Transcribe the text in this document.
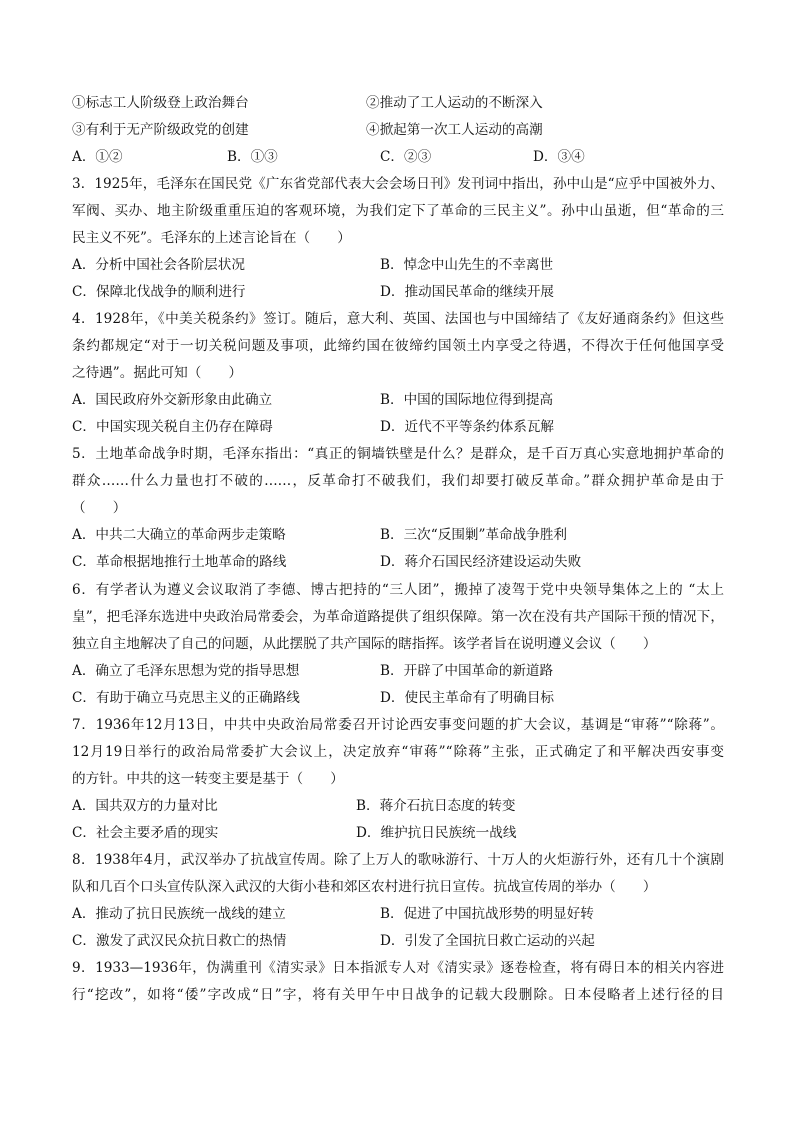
①标志工人阶级登上政治舞台	②推动了工人运动的不断深入
③有利于无产阶级政党的创建	④掀起第一次工人运动的高潮
A．①②	B．①③	C．②③	D．③④
3．1925年，毛泽东在国民党《广东省党部代表大会会场日刊》发刊词中指出，孙中山是“应乎中国被外力、
军阀、买办、地主阶级重重压迫的客观环境，为我们定下了革命的三民主义”。孙中山虽逝，但“革命的三
民主义不死”。毛泽东的上述言论旨在（　　）
A．分析中国社会各阶层状况	B．悼念中山先生的不幸离世
C．保障北伐战争的顺利进行	D．推动国民革命的继续开展
4．1928年，《中美关税条约》签订。随后，意大利、英国、法国也与中国缔结了《友好通商条约》但这些
条约都规定“对于一切关税问题及事项，此缔约国在彼缔约国领土内享受之待遇，不得次于任何他国享受
之待遇”。据此可知（　　）
A．国民政府外交新形象由此确立	B．中国的国际地位得到提高
C．中国实现关税自主仍存在障碍	D．近代不平等条约体系瓦解
5．土地革命战争时期，毛泽东指出：“真正的铜墙铁壁是什么？是群众，是千百万真心实意地拥护革命的
群众……什么力量也打不破的……，反革命打不破我们，我们却要打破反革命。”群众拥护革命是由于
（　　）
A．中共二大确立的革命两步走策略	B．三次“反围剿”革命战争胜利
C．革命根据地推行土地革命的路线	D．蒋介石国民经济建设运动失败
6．有学者认为遵义会议取消了李德、博古把持的“三人团”，搬掉了凌驾于党中央领导集体之上的 “太上
皇”，把毛泽东选进中央政治局常委会，为革命道路提供了组织保障。第一次在没有共产国际干预的情况下，
独立自主地解决了自己的问题，从此摆脱了共产国际的瞎指挥。该学者旨在说明遵义会议（　　）
A．确立了毛泽东思想为党的指导思想	B．开辟了中国革命的新道路
C．有助于确立马克思主义的正确路线	D．使民主革命有了明确目标
7．1936年12月13日，中共中央政治局常委召开讨论西安事变问题的扩大会议，基调是“审蒋”“除蒋”。
12月19日举行的政治局常委扩大会议上，决定放弃“审蒋”“除蒋”主张，正式确定了和平解决西安事变
的方针。中共的这一转变主要是基于（　　）
A．国共双方的力量对比	B．蒋介石抗日态度的转变
C．社会主要矛盾的现实	D．维护抗日民族统一战线
8．1938年4月，武汉举办了抗战宣传周。除了上万人的歌咏游行、十万人的火炬游行外，还有几十个演剧
队和几百个口头宣传队深入武汉的大街小巷和郊区农村进行抗日宣传。抗战宣传周的举办（　　）
A．推动了抗日民族统一战线的建立	B．促进了中国抗战形势的明显好转
C．激发了武汉民众抗日救亡的热情	D．引发了全国抗日救亡运动的兴起
9．1933—1936年，伪满重刊《清实录》日本指派专人对《清实录》逐卷检查，将有碍日本的相关内容进
行“挖改”，如将“倭”字改成“日”字，将有关甲午中日战争的记载大段删除。日本侵略者上述行径的目
